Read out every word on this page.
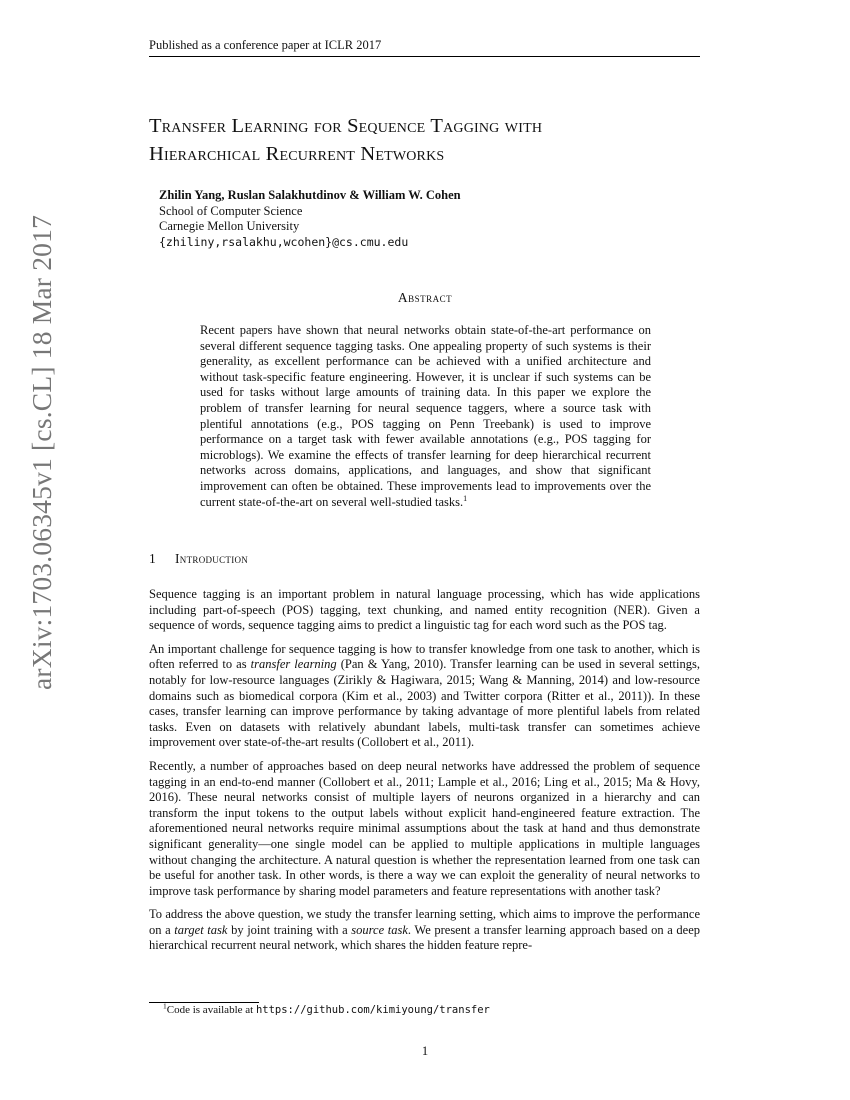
Published as a conference paper at ICLR 2017
arXiv:1703.06345v1 [cs.CL] 18 Mar 2017
Transfer Learning for Sequence Tagging with
Hierarchical Recurrent Networks
Zhilin Yang, Ruslan Salakhutdinov & William W. Cohen
School of Computer Science
Carnegie Mellon University
{zhiliny,rsalakhu,wcohen}@cs.cmu.edu
Abstract

Recent papers have shown that neural networks obtain state-of-the-art performance on several different sequence tagging tasks. One appealing property of such systems is their generality, as excellent performance can be achieved with a unified architecture and without task-specific feature engineering. However, it is unclear if such systems can be used for tasks without large amounts of training data. In this paper we explore the problem of transfer learning for neural sequence taggers, where a source task with plentiful annotations (e.g., POS tagging on Penn Treebank) is used to improve performance on a target task with fewer available annotations (e.g., POS tagging for microblogs). We examine the effects of transfer learning for deep hierarchical recurrent networks across domains, applications, and languages, and show that significant improvement can often be obtained. These improvements lead to improvements over the current state-of-the-art on several well-studied tasks.$^1$

1 Introduction

Sequence tagging is an important problem in natural language processing, which has wide applications including part-of-speech (POS) tagging, text chunking, and named entity recognition (NER). Given a sequence of words, sequence tagging aims to predict a linguistic tag for each word such as the POS tag.

An important challenge for sequence tagging is how to transfer knowledge from one task to another, which is often referred to as transfer learning (Pan & Yang, 2010). Transfer learning can be used in several settings, notably for low-resource languages (Zirikly & Hagiwara, 2015; Wang & Manning, 2014) and low-resource domains such as biomedical corpora (Kim et al., 2003) and Twitter corpora (Ritter et al., 2011)). In these cases, transfer learning can improve performance by taking advantage of more plentiful labels from related tasks. Even on datasets with relatively abundant labels, multi-task transfer can sometimes achieve improvement over state-of-the-art results (Collobert et al., 2011).

Recently, a number of approaches based on deep neural networks have addressed the problem of sequence tagging in an end-to-end manner (Collobert et al., 2011; Lample et al., 2016; Ling et al., 2015; Ma & Hovy, 2016). These neural networks consist of multiple layers of neurons organized in a hierarchy and can transform the input tokens to the output labels without explicit hand-engineered feature extraction. The aforementioned neural networks require minimal assumptions about the task at hand and thus demonstrate significant generality—one single model can be applied to multiple applications in multiple languages without changing the architecture. A natural question is whether the representation learned from one task can be useful for another task. In other words, is there a way we can exploit the generality of neural networks to improve task performance by sharing model parameters and feature representations with another task?

To address the above question, we study the transfer learning setting, which aims to improve the performance on a target task by joint training with a source task. We present a transfer learning approach based on a deep hierarchical recurrent neural network, which shares the hidden feature repre-

$^1$Code is available at https://github.com/kimiyoung/transfer
1
